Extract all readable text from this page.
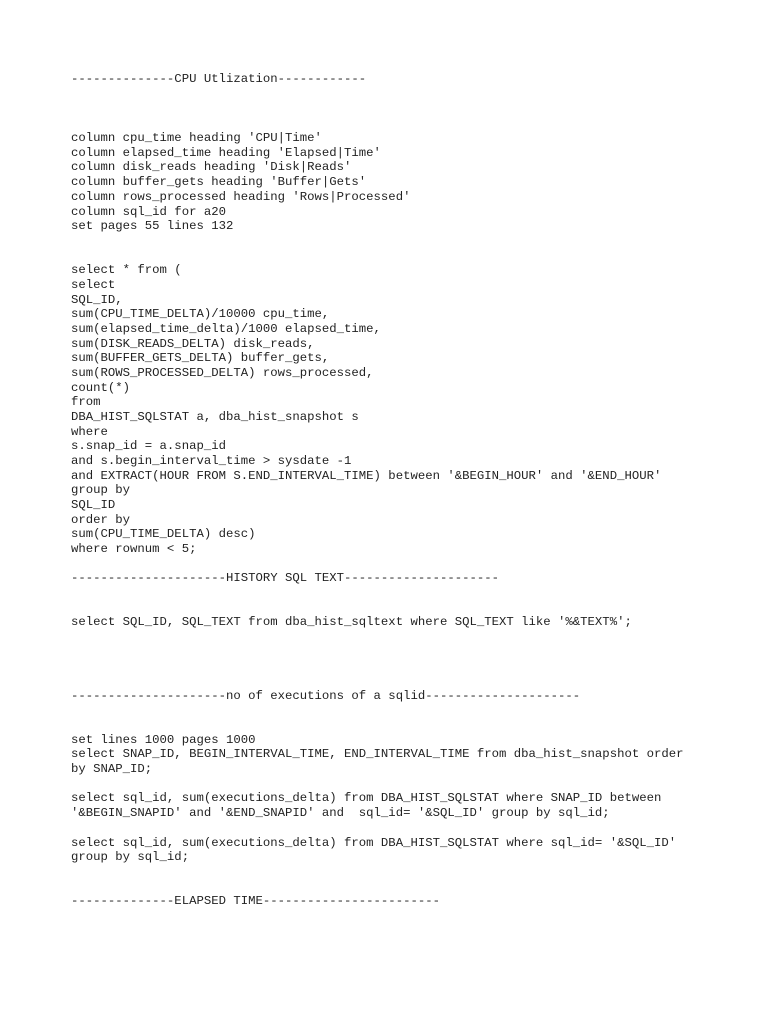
--------------CPU Utlization------------
column cpu_time heading 'CPU|Time'
column elapsed_time heading 'Elapsed|Time'
column disk_reads heading 'Disk|Reads'
column buffer_gets heading 'Buffer|Gets'
column rows_processed heading 'Rows|Processed'
column sql_id for a20
set pages 55 lines 132
select * from (
select
SQL_ID,
sum(CPU_TIME_DELTA)/10000 cpu_time,
sum(elapsed_time_delta)/1000 elapsed_time,
sum(DISK_READS_DELTA) disk_reads,
sum(BUFFER_GETS_DELTA) buffer_gets,
sum(ROWS_PROCESSED_DELTA) rows_processed,
count(*)
from
DBA_HIST_SQLSTAT a, dba_hist_snapshot s
where
s.snap_id = a.snap_id
and s.begin_interval_time > sysdate -1
and EXTRACT(HOUR FROM S.END_INTERVAL_TIME) between '&BEGIN_HOUR' and '&END_HOUR'
group by
SQL_ID
order by
sum(CPU_TIME_DELTA) desc)
where rownum < 5;
---------------------HISTORY SQL TEXT---------------------
select SQL_ID, SQL_TEXT from dba_hist_sqltext where SQL_TEXT like '%&TEXT%';
---------------------no of executions of a sqlid---------------------
set lines 1000 pages 1000
select SNAP_ID, BEGIN_INTERVAL_TIME, END_INTERVAL_TIME from dba_hist_snapshot order
by SNAP_ID;
select sql_id, sum(executions_delta) from DBA_HIST_SQLSTAT where SNAP_ID between
'&BEGIN_SNAPID' and '&END_SNAPID' and  sql_id= '&SQL_ID' group by sql_id;
select sql_id, sum(executions_delta) from DBA_HIST_SQLSTAT where sql_id= '&SQL_ID'
group by sql_id;
--------------ELAPSED TIME------------------------
